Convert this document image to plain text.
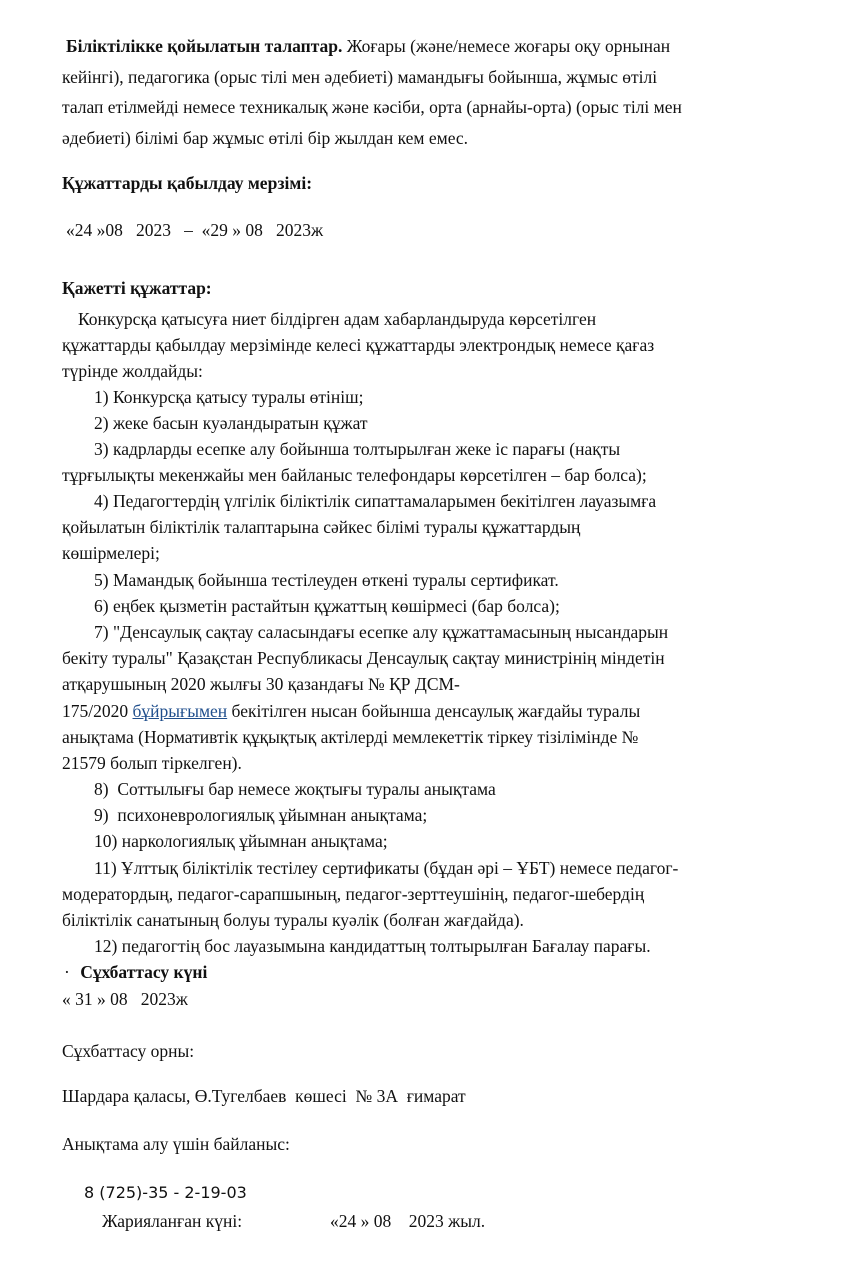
Біліктілікке қойылатын талаптар. Жоғары (және/немесе жоғары оқу орнынан
кейінгі), педагогика (орыс тілі мен әдебиеті) мамандығы бойынша, жұмыс өтілі
талап етілмейді немесе техникалық және кәсіби, орта (арнайы-орта) (орыс тілі мен
әдебиеті) білімі бар жұмыс өтілі бір жылдан кем емес.
Құжаттарды қабылдау мерзімі:
«24 »08   2023   –  «29 » 08   2023ж
Қажетті құжаттар:
Конкурсқа қатысуға ниет білдірген адам хабарландыруда көрсетілген
құжаттарды қабылдау мерзімінде келесі құжаттарды электрондық немесе қағаз
түрінде жолдайды:
1) Конкурсқа қатысу туралы өтініш;
2) жеке басын куәландыратын құжат
3) кадрларды есепке алу бойынша толтырылған жеке іс парағы (нақты
тұрғылықты мекенжайы мен байланыс телефондары көрсетілген – бар болса);
4) Педагогтердің үлгілік біліктілік сипаттамаларымен бекітілген лауазымға
қойылатын біліктілік талаптарына сәйкес білімі туралы құжаттардың
көшірмелері;
5) Мамандық бойынша тестілеуден өткені туралы сертификат.
6) еңбек қызметін растайтын құжаттың көшірмесі (бар болса);
7) "Денсаулық сақтау саласындағы есепке алу құжаттамасының нысандарын
бекіту туралы" Қазақстан Республикасы Денсаулық сақтау министрінің міндетін
атқарушының 2020 жылғы 30 қазандағы № ҚР ДСМ-
175/2020 бұйрығымен бекітілген нысан бойынша денсаулық жағдайы туралы
анықтама (Нормативтік құқықтық актілерді мемлекеттік тіркеу тізілімінде №
21579 болып тіркелген).
8)  Соттылығы бар немесе жоқтығы туралы анықтама
9)  психоневрологиялық ұйымнан анықтама;
10) наркологиялық ұйымнан анықтама;
11) Ұлттық біліктілік тестілеу сертификаты (бұдан әрі – ҰБТ) немесе педагог-
модератордың, педагог-сарапшының, педагог-зерттеушінің, педагог-шебердің
біліктілік санатының болуы туралы куәлік (болған жағдайда).
12) педагогтің бос лауазымына кандидаттың толтырылған Бағалау парағы.
· Сұхбаттасу күні
« 31 » 08   2023ж
Сұхбаттасу орны:
Шардара қаласы, Ө.Тугелбаев  көшесі  № 3А  ғимарат
Анықтама алу үшін байланыс:
8 (725)-35 - 2-19-03
Жарияланған күні:	«24 » 08    2023 жыл.
